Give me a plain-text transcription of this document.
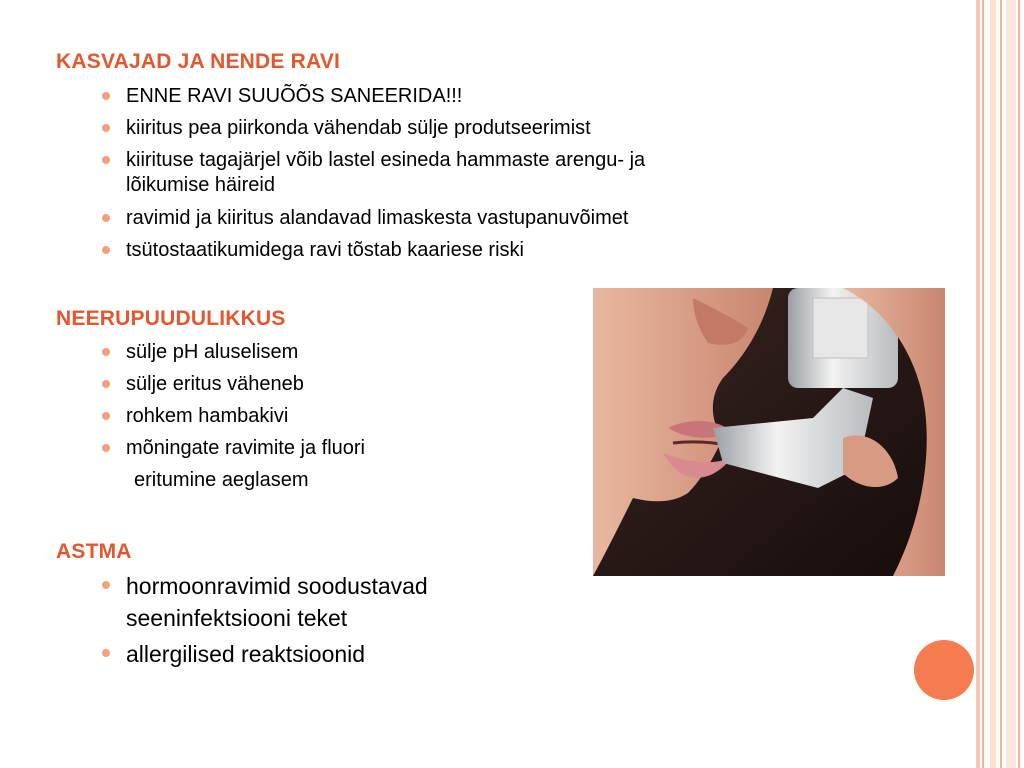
KASVAJAD JA NENDE RAVI
ENNE RAVI SUUÕÕS SANEERIDA!!!
kiiritus pea piirkonda vähendab sülje produtseerimist
kiirituse tagajärjel võib lastel esineda hammaste arengu- ja
lõikumise häireid
ravimid ja kiiritus alandavad limaskesta vastupanuvõimet
tsütostaatikumidega ravi tõstab kaariese riski
NEERUPUUDULIKKUS
sülje pH aluselisem
sülje eritus väheneb
rohkem hambakivi
mõningate ravimite ja fluori
eritumine aeglasem
ASTMA
hormoonravimid soodustavad
seeninfektsiooni teket
allergilised reaktsioonid
